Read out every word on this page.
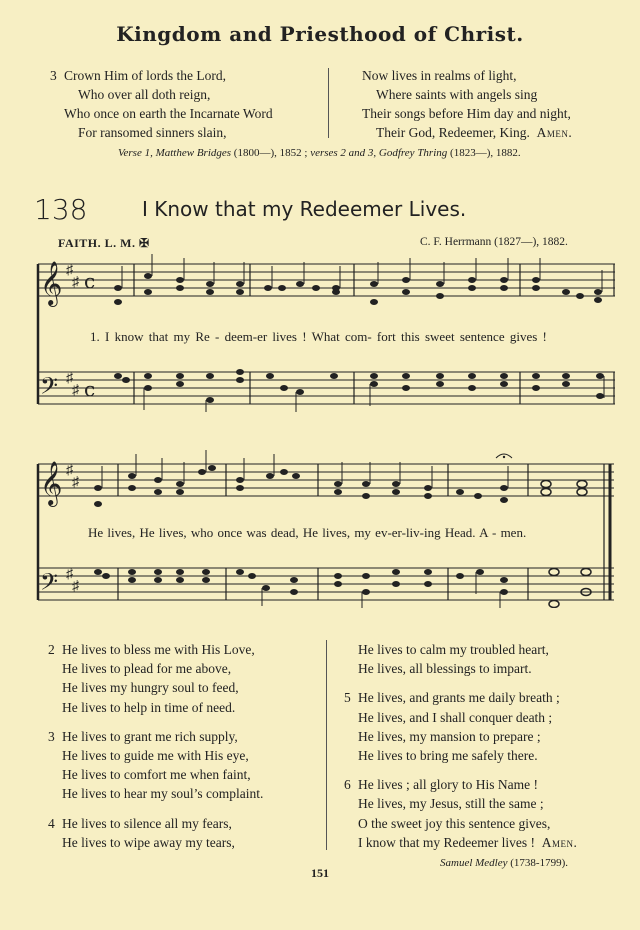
Kingdom and Priesthood of Christ.
3 Crown Him of lords the Lord,
Who over all doth reign,
Who once on earth the Incarnate Word
For ransomed sinners slain,
Now lives in realms of light,
Where saints with angels sing
Their songs before Him day and night,
Their God, Redeemer, King. Amen.
Verse 1, Matthew Bridges (1800—), 1852 ; verses 2 and 3, Godfrey Thring (1823—), 1882.
138	I Know that my Redeemer Lives.
FAITH. L. M. ✠	C. F. Herrmann (1827—), 1882.
𝄞
𝄢
♯
♯
♯
♯
c
c
1. I know that my Re - deem-er lives ! What com- fort this sweet sentence gives !
𝄞
𝄢
♯
♯
♯
♯
He lives, He lives, who once was dead, He lives, my ev-er-liv-ing Head. A - men.
2 He lives to bless me with His Love,
He lives to plead for me above,
He lives my hungry soul to feed,
He lives to help in time of need.
3 He lives to grant me rich supply,
He lives to guide me with His eye,
He lives to comfort me when faint,
He lives to hear my soul’s complaint.
4 He lives to silence all my fears,
He lives to wipe away my tears,
He lives to calm my troubled heart,
He lives, all blessings to impart.
5 He lives, and grants me daily breath ;
He lives, and I shall conquer death ;
He lives, my mansion to prepare ;
He lives to bring me safely there.
6 He lives ; all glory to His Name !
He lives, my Jesus, still the same ;
O the sweet joy this sentence gives,
I know that my Redeemer lives ! Amen.
Samuel Medley (1738-1799).
151
